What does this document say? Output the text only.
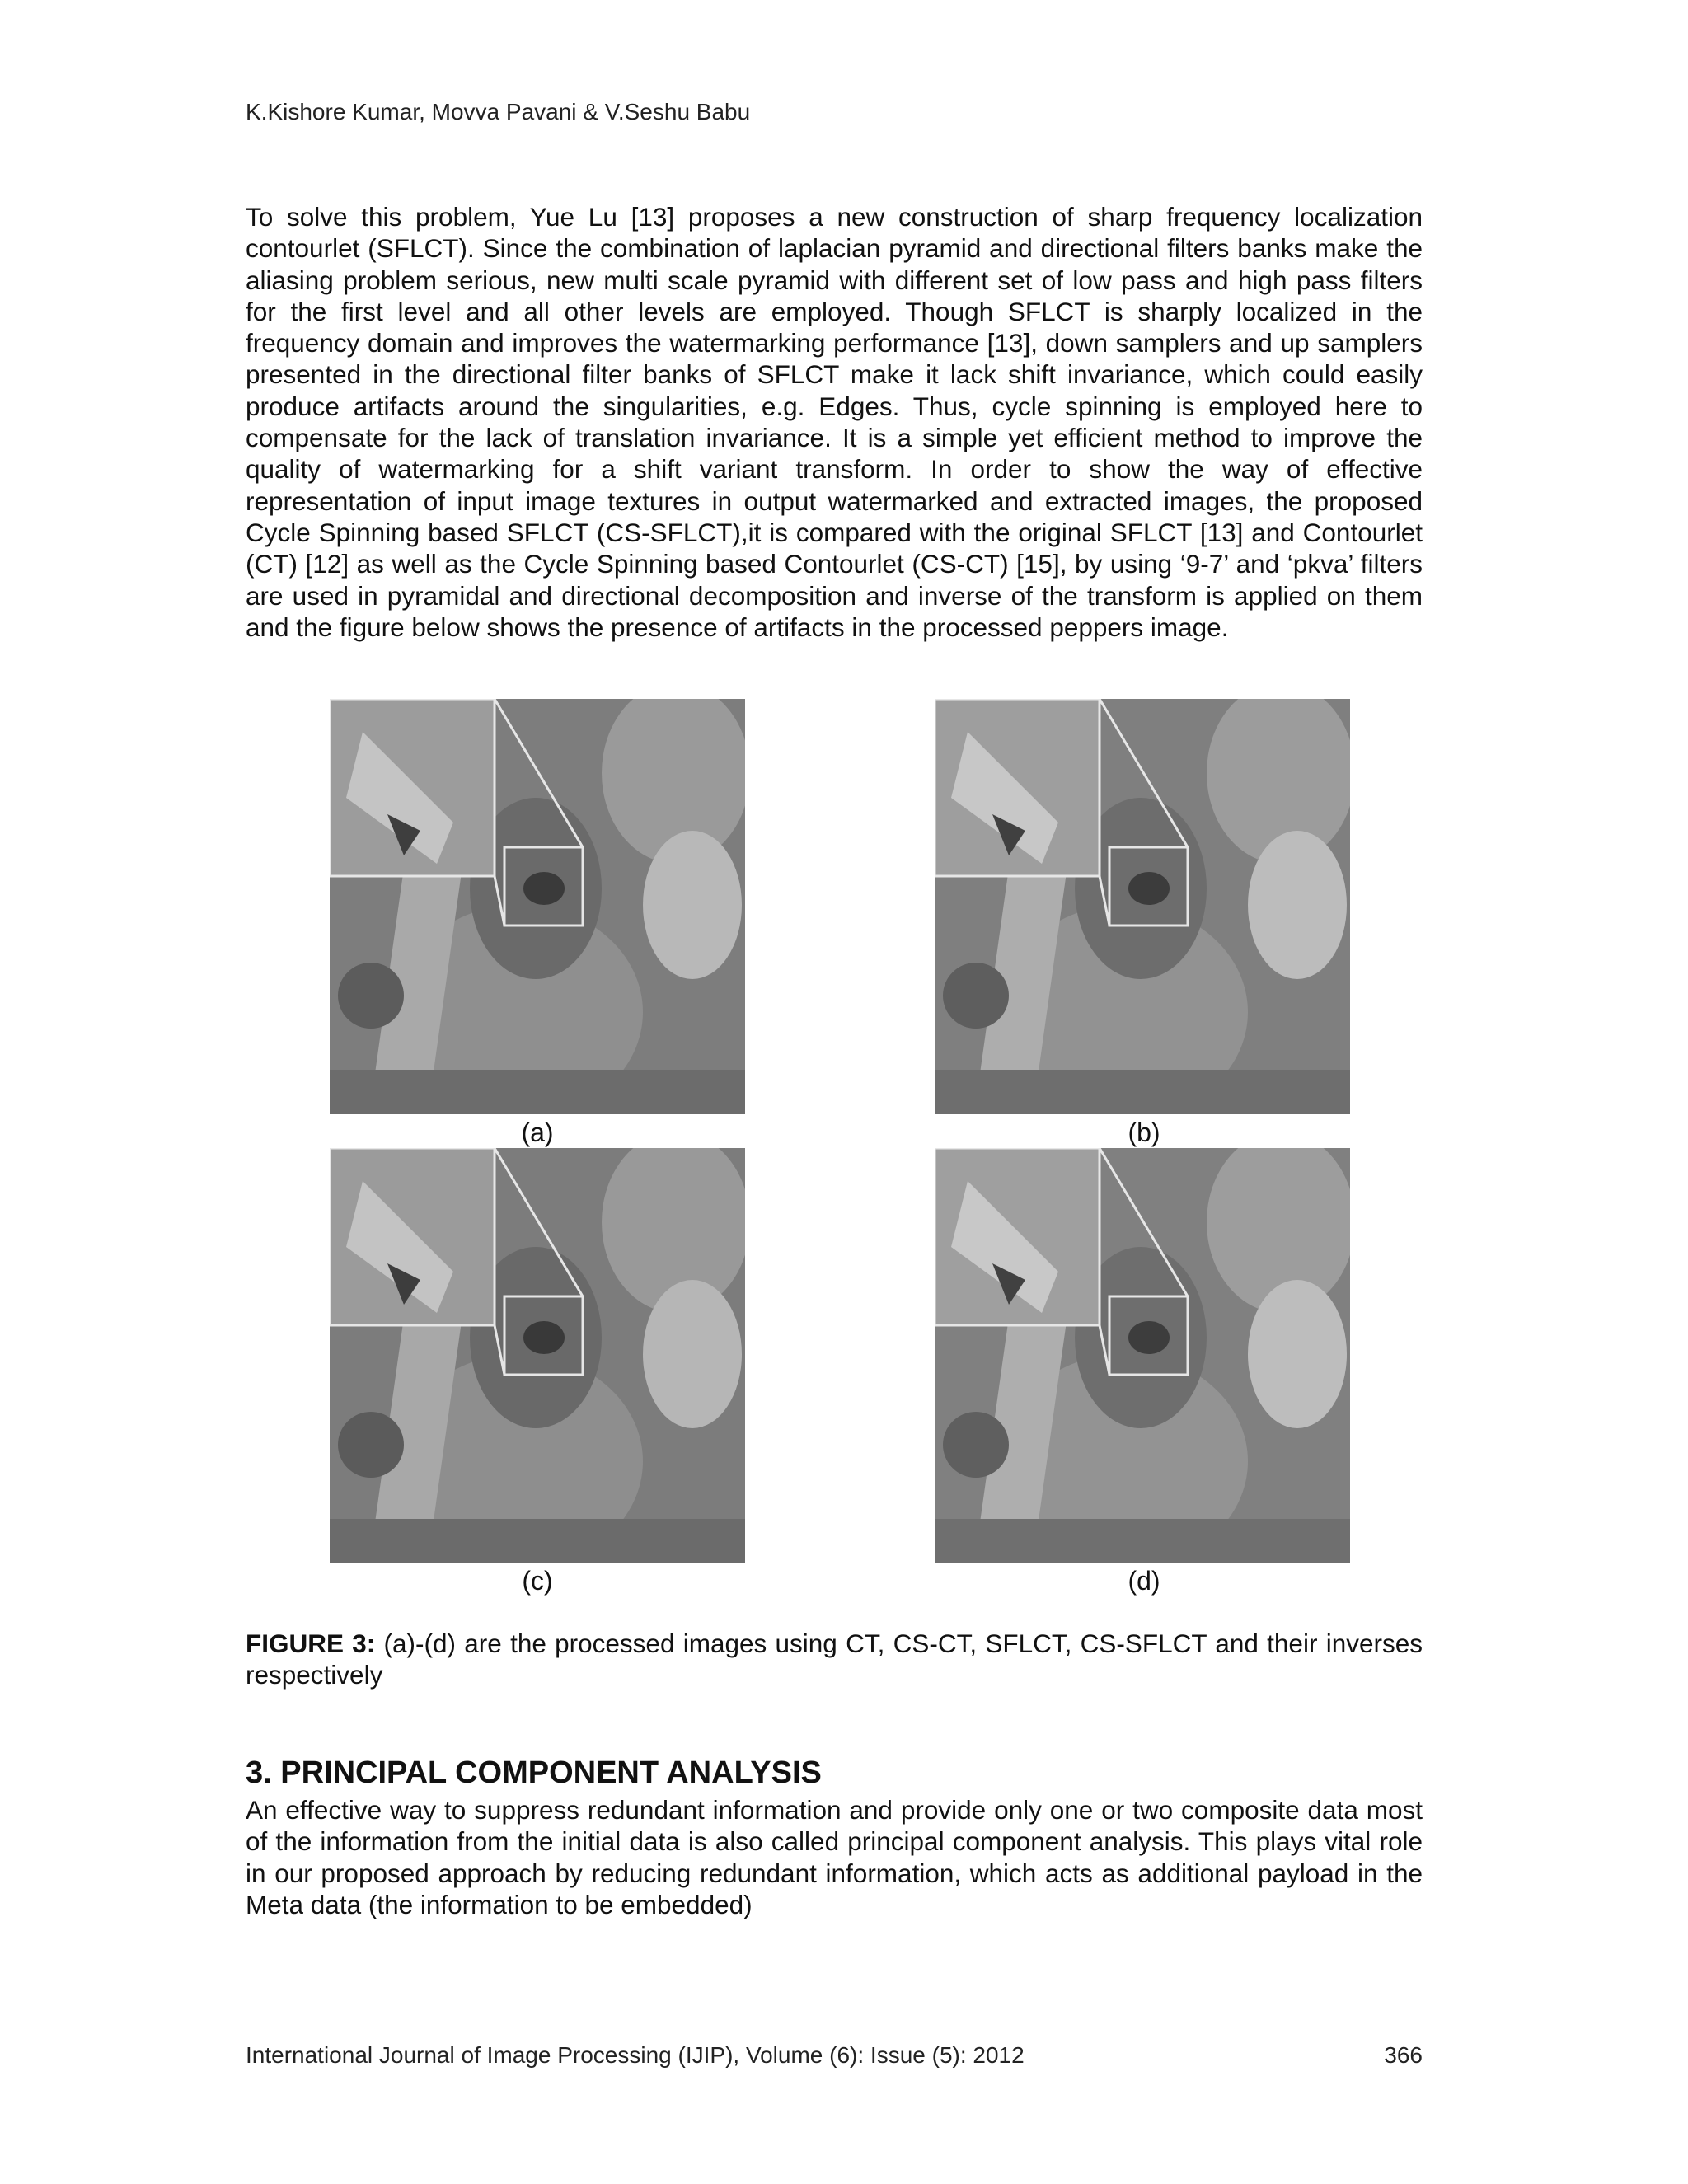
K.Kishore Kumar, Movva Pavani & V.Seshu Babu
To solve this problem, Yue Lu [13] proposes a new construction of sharp frequency localization contourlet (SFLCT). Since the combination of laplacian pyramid and directional filters banks make the aliasing problem serious, new multi scale pyramid with different set of low pass and high pass filters for the first level and all other levels are employed. Though SFLCT is sharply localized in the frequency domain and improves the watermarking performance [13], down samplers and up samplers presented in the directional filter banks of SFLCT make it lack shift invariance, which could easily produce artifacts around the singularities, e.g. Edges. Thus, cycle spinning is employed here to compensate for the lack of translation invariance. It is a simple yet efficient method to improve the quality of watermarking for a shift variant transform. In order to show the way of effective representation of input image textures in output watermarked and extracted images, the proposed Cycle Spinning based SFLCT (CS-SFLCT),it is compared with the original SFLCT [13] and Contourlet (CT) [12] as well as the Cycle Spinning based Contourlet (CS-CT) [15], by using ‘9-7’ and ‘pkva’ filters are used in pyramidal and directional decomposition and inverse of the transform is applied on them and the figure below shows the presence of artifacts in the processed peppers image.
(a)	(b)
(c)	(d)
FIGURE 3: (a)-(d) are the processed images using CT, CS-CT, SFLCT, CS-SFLCT and their inverses respectively
3. PRINCIPAL COMPONENT ANALYSIS
An effective way to suppress redundant information and provide only one or two composite data most of the information from the initial data is also called principal component analysis. This plays vital role in our proposed approach by reducing redundant information, which acts as additional payload in the Meta data (the information to be embedded)
International Journal of Image Processing (IJIP), Volume (6): Issue (5): 2012	366
